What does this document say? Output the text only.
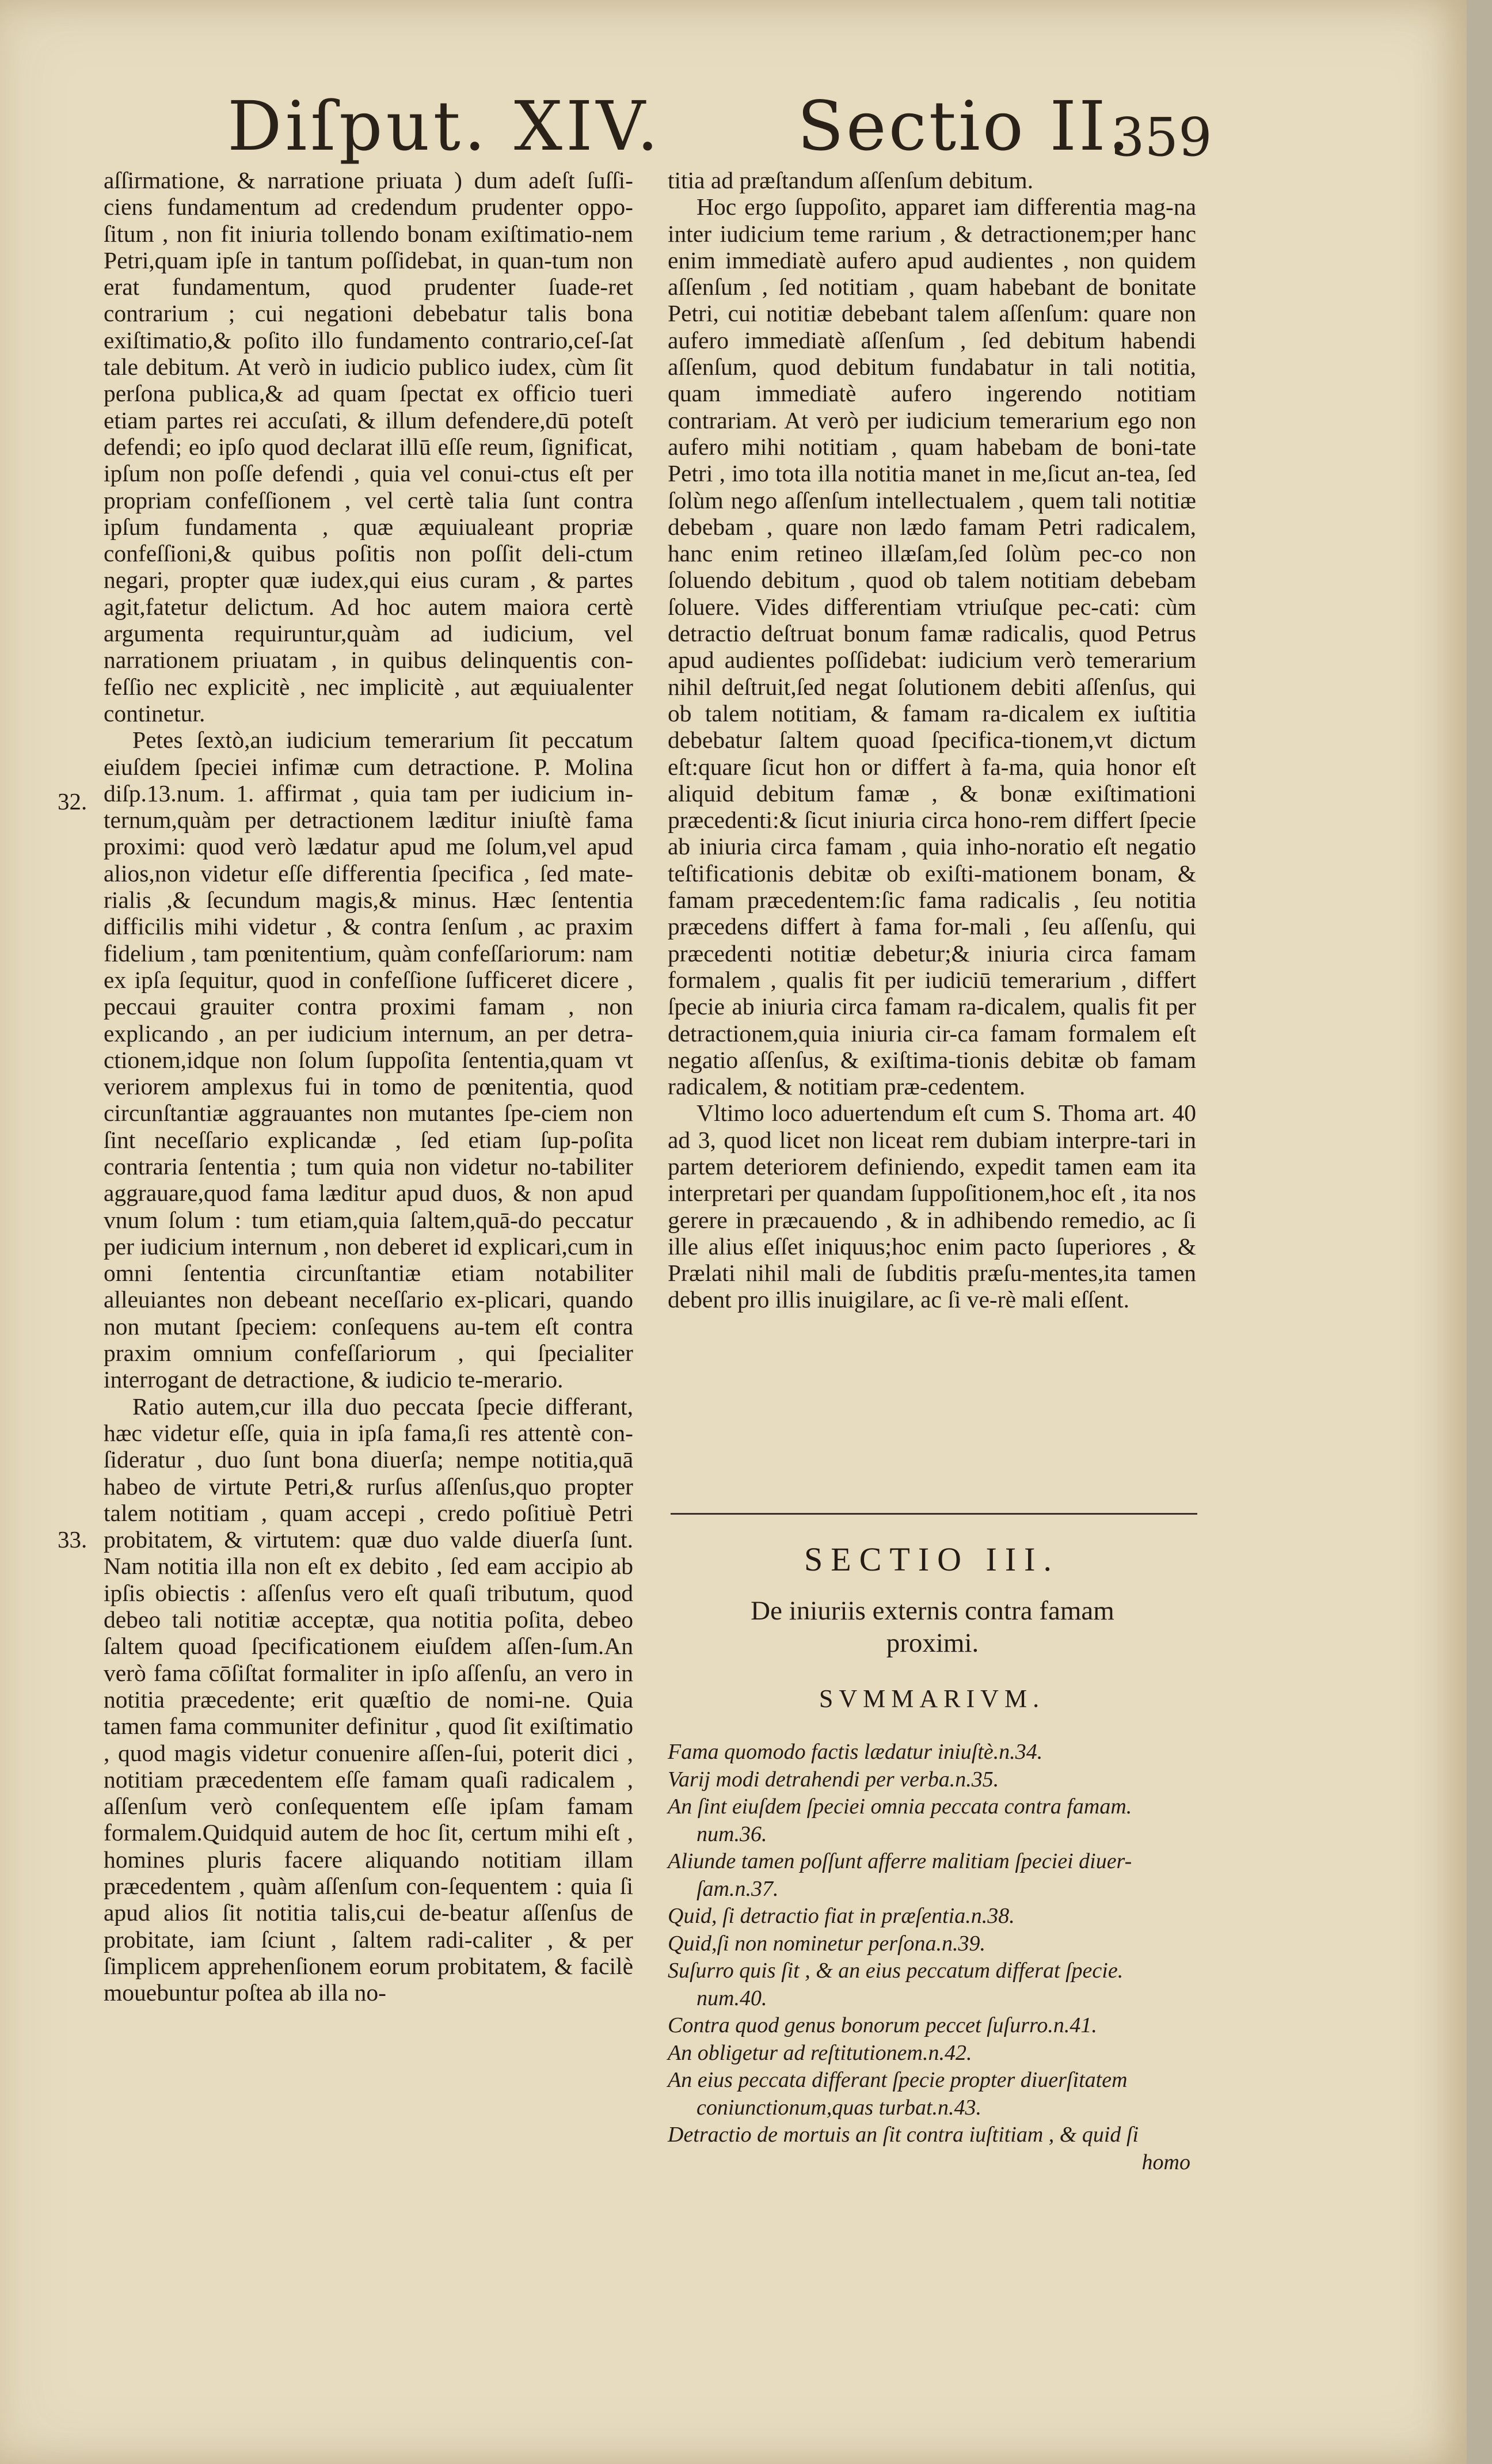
Diſput. XIV. Sectio II.
359

aſſirmatione, & narratione priuata ) dum adeſt ſuſſi-ciens fundamentum ad credendum prudenter oppo-ſitum , non fit iniuria tollendo bonam exiſtimatio-nem Petri,quam ipſe in tantum poſſidebat, in quan-tum non erat fundamentum, quod prudenter ſuade-ret contrarium ; cui negationi debebatur talis bona exiſtimatio,& poſito illo fundamento contrario,ceſ-ſat tale debitum. At verò in iudicio publico iudex, cùm ſit perſona publica,& ad quam ſpectat ex officio tueri etiam partes rei accuſati, & illum defendere,dū poteſt defendi; eo ipſo quod declarat illū eſſe reum, ſignificat, ipſum non poſſe defendi , quia vel conui-ctus eſt per propriam confeſſionem , vel certè talia ſunt contra ipſum fundamenta , quæ æquiualeant propriæ confeſſioni,& quibus poſitis non poſſit deli-ctum negari, propter quæ iudex,qui eius curam , & partes agit,fatetur delictum. Ad hoc autem maiora certè argumenta requiruntur,quàm ad iudicium, vel narrationem priuatam , in quibus delinquentis con-feſſio nec explicitè , nec implicitè , aut æquiualenter continetur.

Petes ſextò,an iudicium temerarium ſit peccatum eiuſdem ſpeciei infimæ cum detractione. P. Molina diſp.13.num. 1. affirmat , quia tam per iudicium in-ternum,quàm per detractionem læditur iniuſtè fama proximi: quod verò lædatur apud me ſolum,vel apud alios,non videtur eſſe differentia ſpecifica , ſed mate-rialis ,& ſecundum magis,& minus. Hæc ſententia difficilis mihi videtur , & contra ſenſum , ac praxim fidelium , tam pœnitentium, quàm confeſſariorum: nam ex ipſa ſequitur, quod in confeſſione ſufficeret dicere , peccaui grauiter contra proximi famam , non explicando , an per iudicium internum, an per detra-ctionem,idque non ſolum ſuppoſita ſententia,quam vt veriorem amplexus fui in tomo de pœnitentia, quod circunſtantiæ aggrauantes non mutantes ſpe-ciem non ſint neceſſario explicandæ , ſed etiam ſup-poſita contraria ſententia ; tum quia non videtur no-tabiliter aggrauare,quod fama læditur apud duos, & non apud vnum ſolum : tum etiam,quia ſaltem,quā-do peccatur per iudicium internum , non deberet id explicari,cum in omni ſententia circunſtantiæ etiam notabiliter alleuiantes non debeant neceſſario ex-plicari, quando non mutant ſpeciem: conſequens au-tem eſt contra praxim omnium confeſſariorum , qui ſpecialiter interrogant de detractione, & iudicio te-merario.

Ratio autem,cur illa duo peccata ſpecie differant, hæc videtur eſſe, quia in ipſa fama,ſi res attentè con-ſideratur , duo ſunt bona diuerſa; nempe notitia,quā habeo de virtute Petri,& rurſus aſſenſus,quo propter talem notitiam , quam accepi , credo poſitiuè Petri probitatem, & virtutem: quæ duo valde diuerſa ſunt. Nam notitia illa non eſt ex debito , ſed eam accipio ab ipſis obiectis : aſſenſus vero eſt quaſi tributum, quod debeo tali notitiæ acceptæ, qua notitia poſita, debeo ſaltem quoad ſpecificationem eiuſdem aſſen-ſum.An verò fama cōſiſtat formaliter in ipſo aſſenſu, an vero in notitia præcedente; erit quæſtio de nomi-ne. Quia tamen fama communiter definitur , quod ſit exiſtimatio , quod magis videtur conuenire aſſen-ſui, poterit dici , notitiam præcedentem eſſe famam quaſi radicalem , aſſenſum verò conſequentem eſſe ipſam famam formalem.Quidquid autem de hoc ſit, certum mihi eſt , homines pluris facere aliquando notitiam illam præcedentem , quàm aſſenſum con-ſequentem : quia ſi apud alios ſit notitia talis,cui de-beatur aſſenſus de probitate, iam ſciunt , ſaltem radi-caliter , & per ſimplicem apprehenſionem eorum probitatem, & facilè mouebuntur poſtea ab illa no-

32.
33.

titia ad præſtandum aſſenſum debitum.

Hoc ergo ſuppoſito, apparet iam differentia mag-na inter iudicium teme rarium , & detractionem;per hanc enim immediatè aufero apud audientes , non quidem aſſenſum , ſed notitiam , quam habebant de bonitate Petri, cui notitiæ debebant talem aſſenſum: quare non aufero immediatè aſſenſum , ſed debitum habendi aſſenſum, quod debitum fundabatur in tali notitia, quam immediatè aufero ingerendo notitiam contrariam. At verò per iudicium temerarium ego non aufero mihi notitiam , quam habebam de boni-tate Petri , imo tota illa notitia manet in me,ſicut an-tea, ſed ſolùm nego aſſenſum intellectualem , quem tali notitiæ debebam , quare non lædo famam Petri radicalem, hanc enim retineo illæſam,ſed ſolùm pec-co non ſoluendo debitum , quod ob talem notitiam debebam ſoluere. Vides differentiam vtriuſque pec-cati: cùm detractio deſtruat bonum famæ radicalis, quod Petrus apud audientes poſſidebat: iudicium verò temerarium nihil deſtruit,ſed negat ſolutionem debiti aſſenſus, qui ob talem notitiam, & famam ra-dicalem ex iuſtitia debebatur ſaltem quoad ſpecifica-tionem,vt dictum eſt:quare ſicut hon or differt à fa-ma, quia honor eſt aliquid debitum famæ , & bonæ exiſtimationi præcedenti:& ſicut iniuria circa hono-rem differt ſpecie ab iniuria circa famam , quia inho-noratio eſt negatio teſtificationis debitæ ob exiſti-mationem bonam, & famam præcedentem:ſic fama radicalis , ſeu notitia præcedens differt à fama for-mali , ſeu aſſenſu, qui præcedenti notitiæ debetur;& iniuria circa famam formalem , qualis fit per iudiciū temerarium , differt ſpecie ab iniuria circa famam ra-dicalem, qualis fit per detractionem,quia iniuria cir-ca famam formalem eſt negatio aſſenſus, & exiſtima-tionis debitæ ob famam radicalem, & notitiam præ-cedentem.

Vltimo loco aduertendum eſt cum S. Thoma art. 40 ad 3, quod licet non liceat rem dubiam interpre-tari in partem deteriorem definiendo, expedit tamen eam ita interpretari per quandam ſuppoſitionem,hoc eſt , ita nos gerere in præcauendo , & in adhibendo remedio, ac ſi ille alius eſſet iniquus;hoc enim pacto ſuperiores , & Prælati nihil mali de ſubditis præſu-mentes,ita tamen debent pro illis inuigilare, ac ſi ve-rè mali eſſent.

SECTIO III.
De iniuriis externis contra famam proximi.
SVMMARIVM.
Fama quomodo factis lædatur iniuſtè.n.34.
Varij modi detrahendi per verba.n.35.
An ſint eiuſdem ſpeciei omnia peccata contra famam.
num.36.
Aliunde tamen poſſunt afferre malitiam ſpeciei diuer-
ſam.n.37.
Quid, ſi detractio fiat in præſentia.n.38.
Quid,ſi non nominetur perſona.n.39.
Suſurro quis ſit , & an eius peccatum differat ſpecie.
num.40.
Contra quod genus bonorum peccet ſuſurro.n.41.
An obligetur ad reſtitutionem.n.42.
An eius peccata differant ſpecie propter diuerſitatem
coniunctionum,quas turbat.n.43.
Detractio de mortuis an ſit contra iuſtitiam , & quid ſi
homo
